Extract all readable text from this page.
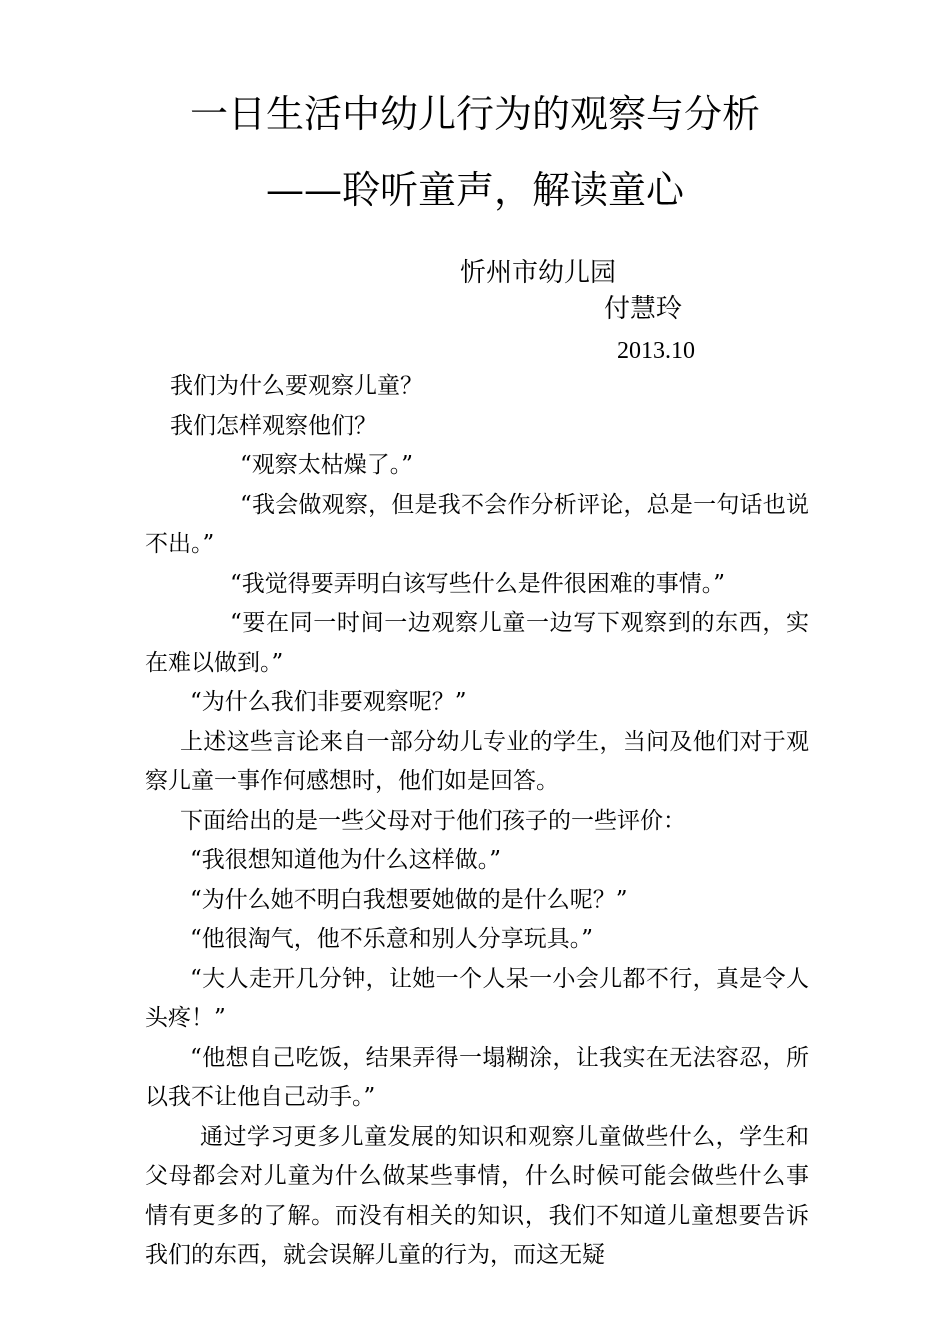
一日生活中幼儿行为的观察与分析
——聆听童声，解读童心
忻州市幼儿园
付慧玲
2013.10

我们为什么要观察儿童？

我们怎样观察他们？

“观察太枯燥了。”

“我会做观察，但是我不会作分析评论，总是一句话也说不出。”

“我觉得要弄明白该写些什么是件很困难的事情。”

“要在同一时间一边观察儿童一边写下观察到的东西，实在难以做到。”

“为什么我们非要观察呢？”

上述这些言论来自一部分幼儿专业的学生，当问及他们对于观察儿童一事作何感想时，他们如是回答。

下面给出的是一些父母对于他们孩子的一些评价：

“我很想知道他为什么这样做。”

“为什么她不明白我想要她做的是什么呢？”

“他很淘气，他不乐意和别人分享玩具。”

“大人走开几分钟，让她一个人呆一小会儿都不行，真是令人头疼！”

“他想自己吃饭，结果弄得一塌糊涂，让我实在无法容忍，所以我不让他自己动手。”

通过学习更多儿童发展的知识和观察儿童做些什么，学生和父母都会对儿童为什么做某些事情，什么时候可能会做些什么事情有更多的了解。而没有相关的知识，我们不知道儿童想要告诉我们的东西，就会误解儿童的行为，而这无疑
